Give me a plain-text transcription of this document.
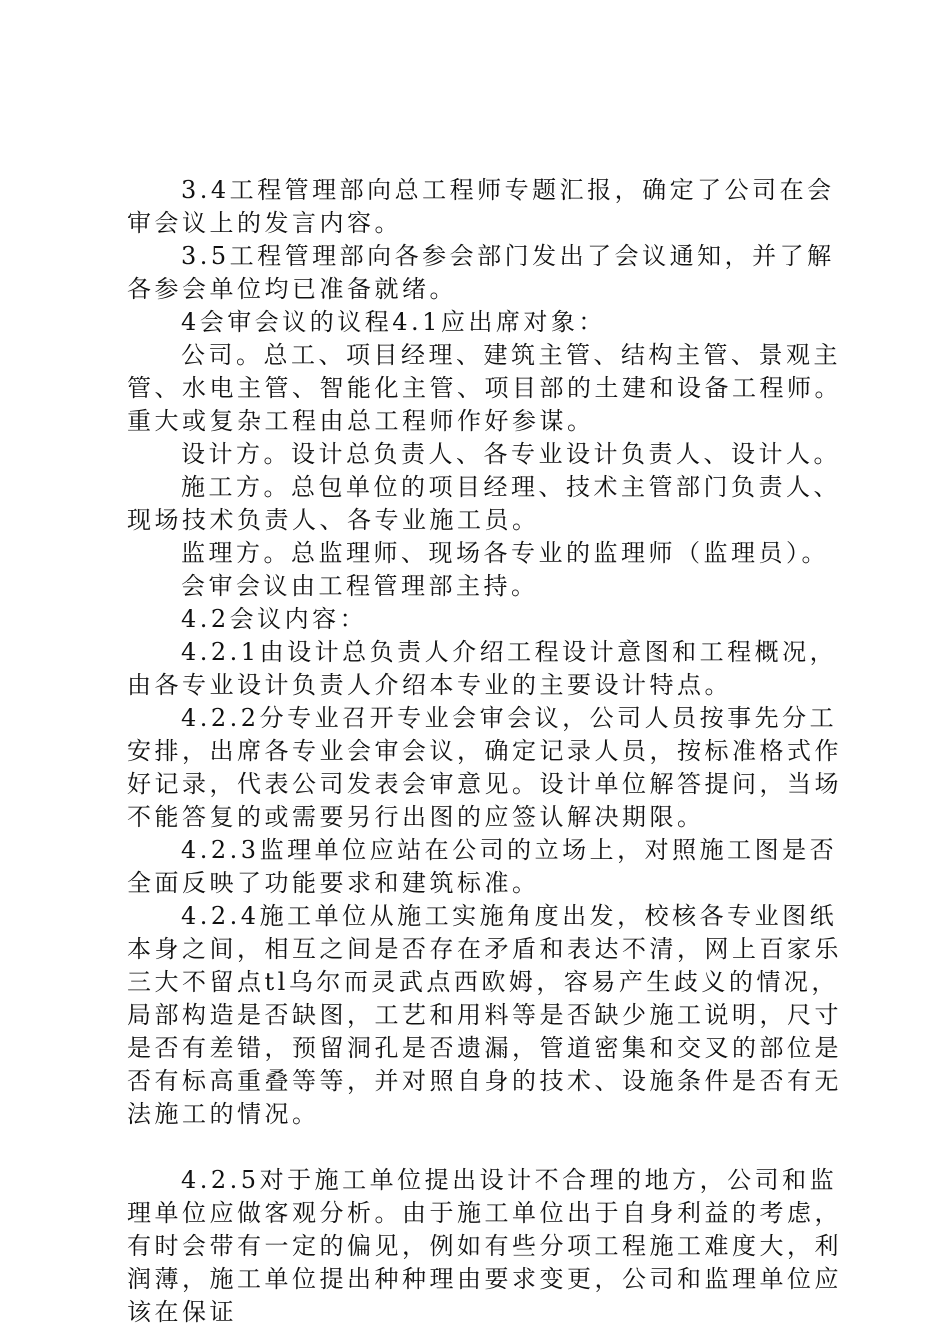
3.4工程管理部向总工程师专题汇报，确定了公司在会审会议上的发言内容。

3.5工程管理部向各参会部门发出了会议通知，并了解各参会单位均已准备就绪。

4会审会议的议程4.1应出席对象：

公司。总工、项目经理、建筑主管、结构主管、景观主管、水电主管、智能化主管、项目部的土建和设备工程师。重大或复杂工程由总工程师作好参谋。

设计方。设计总负责人、各专业设计负责人、设计人。

施工方。总包单位的项目经理、技术主管部门负责人、现场技术负责人、各专业施工员。

监理方。总监理师、现场各专业的监理师（监理员）。

会审会议由工程管理部主持。

4.2会议内容：

4.2.1由设计总负责人介绍工程设计意图和工程概况，由各专业设计负责人介绍本专业的主要设计特点。

4.2.2分专业召开专业会审会议，公司人员按事先分工安排，出席各专业会审会议，确定记录人员，按标准格式作好记录，代表公司发表会审意见。设计单位解答提问，当场不能答复的或需要另行出图的应签认解决期限。

4.2.3监理单位应站在公司的立场上，对照施工图是否全面反映了功能要求和建筑标准。

4.2.4施工单位从施工实施角度出发，校核各专业图纸本身之间，相互之间是否存在矛盾和表达不清，网上百家乐三大不留点tl乌尔而灵武点西欧姆，容易产生歧义的情况，局部构造是否缺图，工艺和用料等是否缺少施工说明，尺寸是否有差错，预留洞孔是否遗漏，管道密集和交叉的部位是否有标高重叠等等，并对照自身的技术、设施条件是否有无法施工的情况。

4.2.5对于施工单位提出设计不合理的地方，公司和监理单位应做客观分析。由于施工单位出于自身利益的考虑，有时会带有一定的偏见，例如有些分项工程施工难度大，利润薄，施工单位提出种种理由要求变更，公司和监理单位应该在保证
